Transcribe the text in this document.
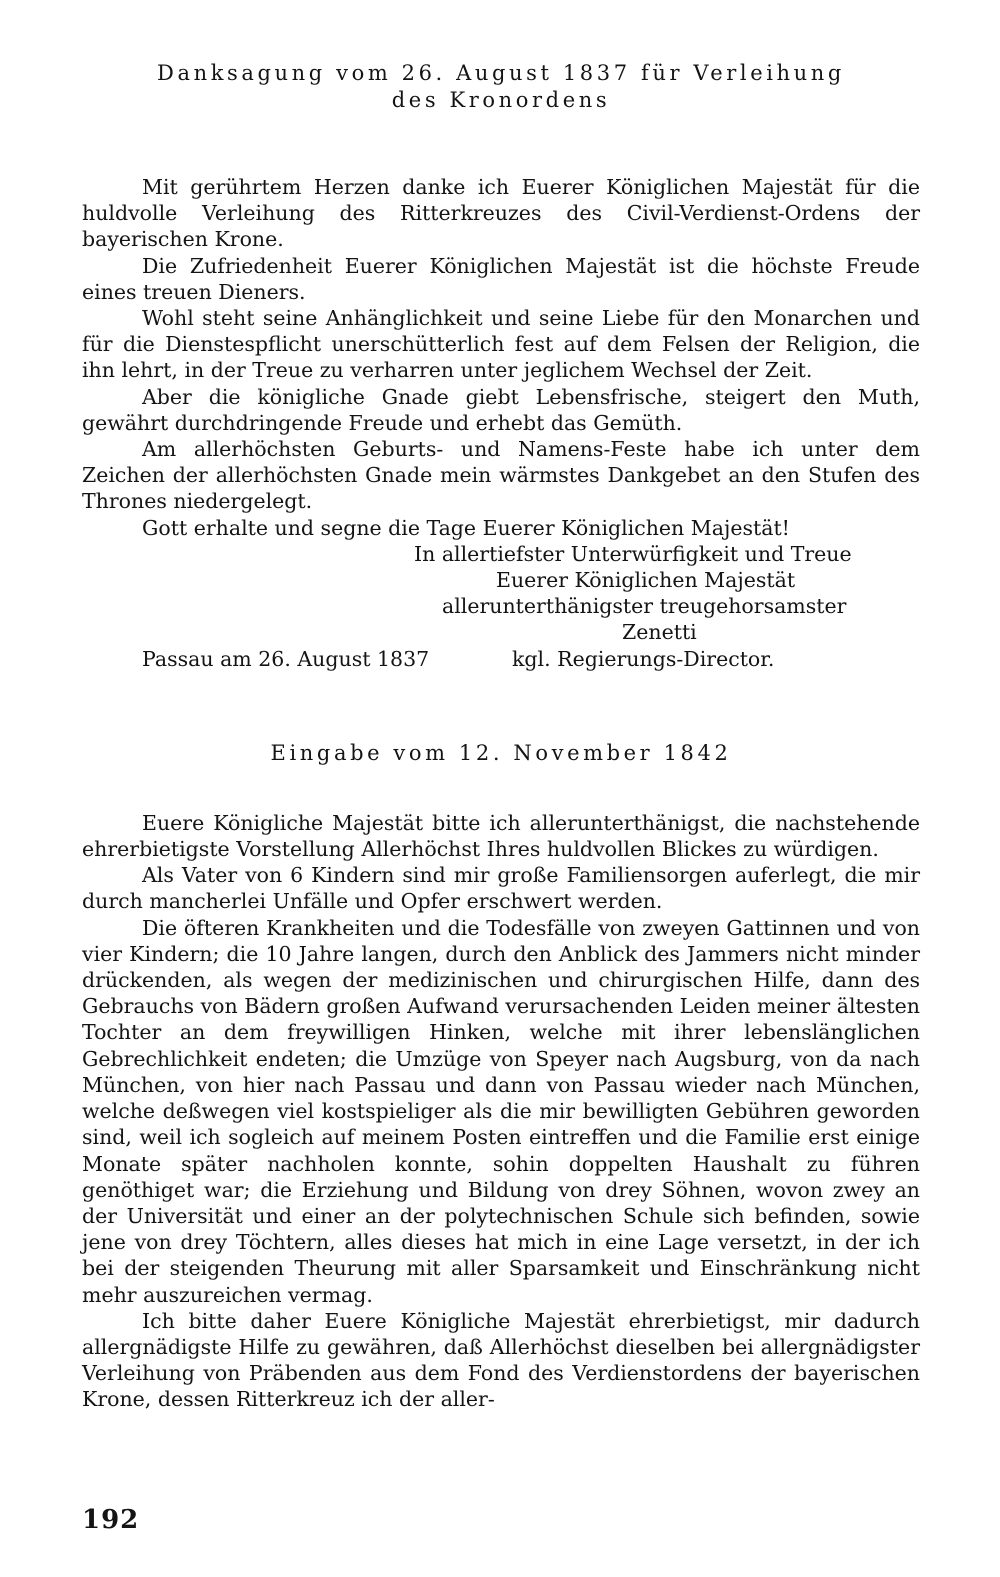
Danksagung vom 26. August 1837 für Verleihung
des Kronordens

Mit gerührtem Herzen danke ich Euerer Königlichen Majestät für die huldvolle Verleihung des Ritterkreuzes des Civil-Verdienst-Ordens der bayerischen Krone.

Die Zufriedenheit Euerer Königlichen Majestät ist die höchste Freude eines treuen Dieners.

Wohl steht seine Anhänglichkeit und seine Liebe für den Monarchen und für die Dienstespflicht unerschütterlich fest auf dem Felsen der Religion, die ihn lehrt, in der Treue zu verharren unter jeglichem Wechsel der Zeit.

Aber die königliche Gnade giebt Lebensfrische, steigert den Muth, gewährt durchdringende Freude und erhebt das Gemüth.

Am allerhöchsten Geburts- und Namens-Feste habe ich unter dem Zeichen der allerhöchsten Gnade mein wärmstes Dankgebet an den Stufen des Thrones niedergelegt.

Gott erhalte und segne die Tage Euerer Königlichen Majestät!

In allertiefster Unterwürfigkeit und Treue

Euerer Königlichen Majestät

allerunterthänigster treugehorsamster

Zenetti

Passau am 26. August 1837	kgl. Regierungs-Director.
Eingabe vom 12. November 1842

Euere Königliche Majestät bitte ich allerunterthänigst, die nachstehende ehrerbietigste Vorstellung Allerhöchst Ihres huldvollen Blickes zu würdigen.

Als Vater von 6 Kindern sind mir große Familiensorgen auferlegt, die mir durch mancherlei Unfälle und Opfer erschwert werden.

Die öfteren Krankheiten und die Todesfälle von zweyen Gattinnen und von vier Kindern; die 10 Jahre langen, durch den Anblick des Jammers nicht minder drückenden, als wegen der medizinischen und chirurgischen Hilfe, dann des Gebrauchs von Bädern großen Aufwand verursachenden Leiden meiner ältesten Tochter an dem freywilligen Hinken, welche mit ihrer lebenslänglichen Gebrechlichkeit endeten; die Umzüge von Speyer nach Augsburg, von da nach München, von hier nach Passau und dann von Passau wieder nach München, welche deßwegen viel kostspieliger als die mir bewilligten Gebühren geworden sind, weil ich sogleich auf meinem Posten eintreffen und die Familie erst einige Monate später nachholen konnte, sohin doppelten Haushalt zu führen genöthiget war; die Erziehung und Bildung von drey Söhnen, wovon zwey an der Universität und einer an der polytechnischen Schule sich befinden, sowie jene von drey Töchtern, alles dieses hat mich in eine Lage versetzt, in der ich bei der steigenden Theurung mit aller Sparsamkeit und Einschränkung nicht mehr auszureichen vermag.

Ich bitte daher Euere Königliche Majestät ehrerbietigst, mir dadurch allergnädigste Hilfe zu gewähren, daß Allerhöchst dieselben bei allergnädigster Verleihung von Präbenden aus dem Fond des Verdienstordens der bayerischen Krone, dessen Ritterkreuz ich der aller-

192
